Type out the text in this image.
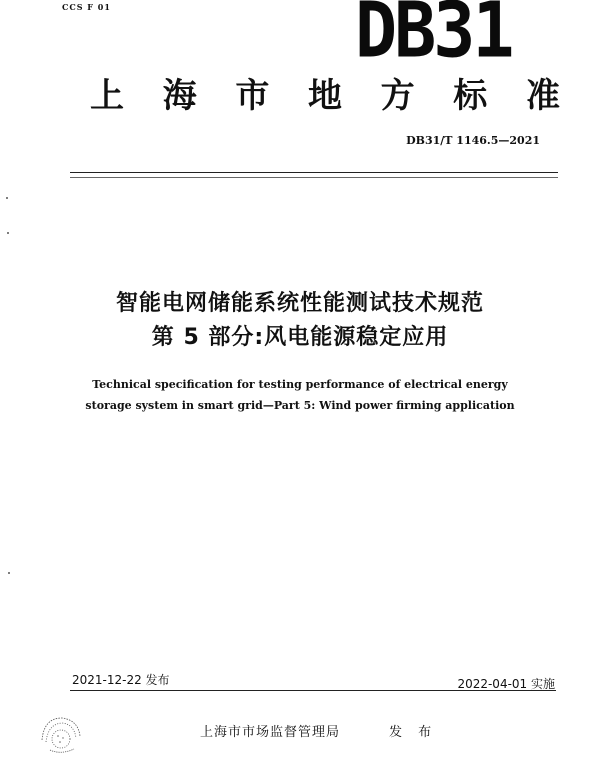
CCS F 01	DB31
上 海 市 地 方 标 准
DB31/T 1146.5—2021
智能电网储能系统性能测试技术规范
第 5 部分:风电能源稳定应用
Technical specification for testing performance of electrical energy
storage system in smart grid—Part 5: Wind power firming application
2021-12-22 发布	2022-04-01 实施
上海市市场监督管理局	发 布
